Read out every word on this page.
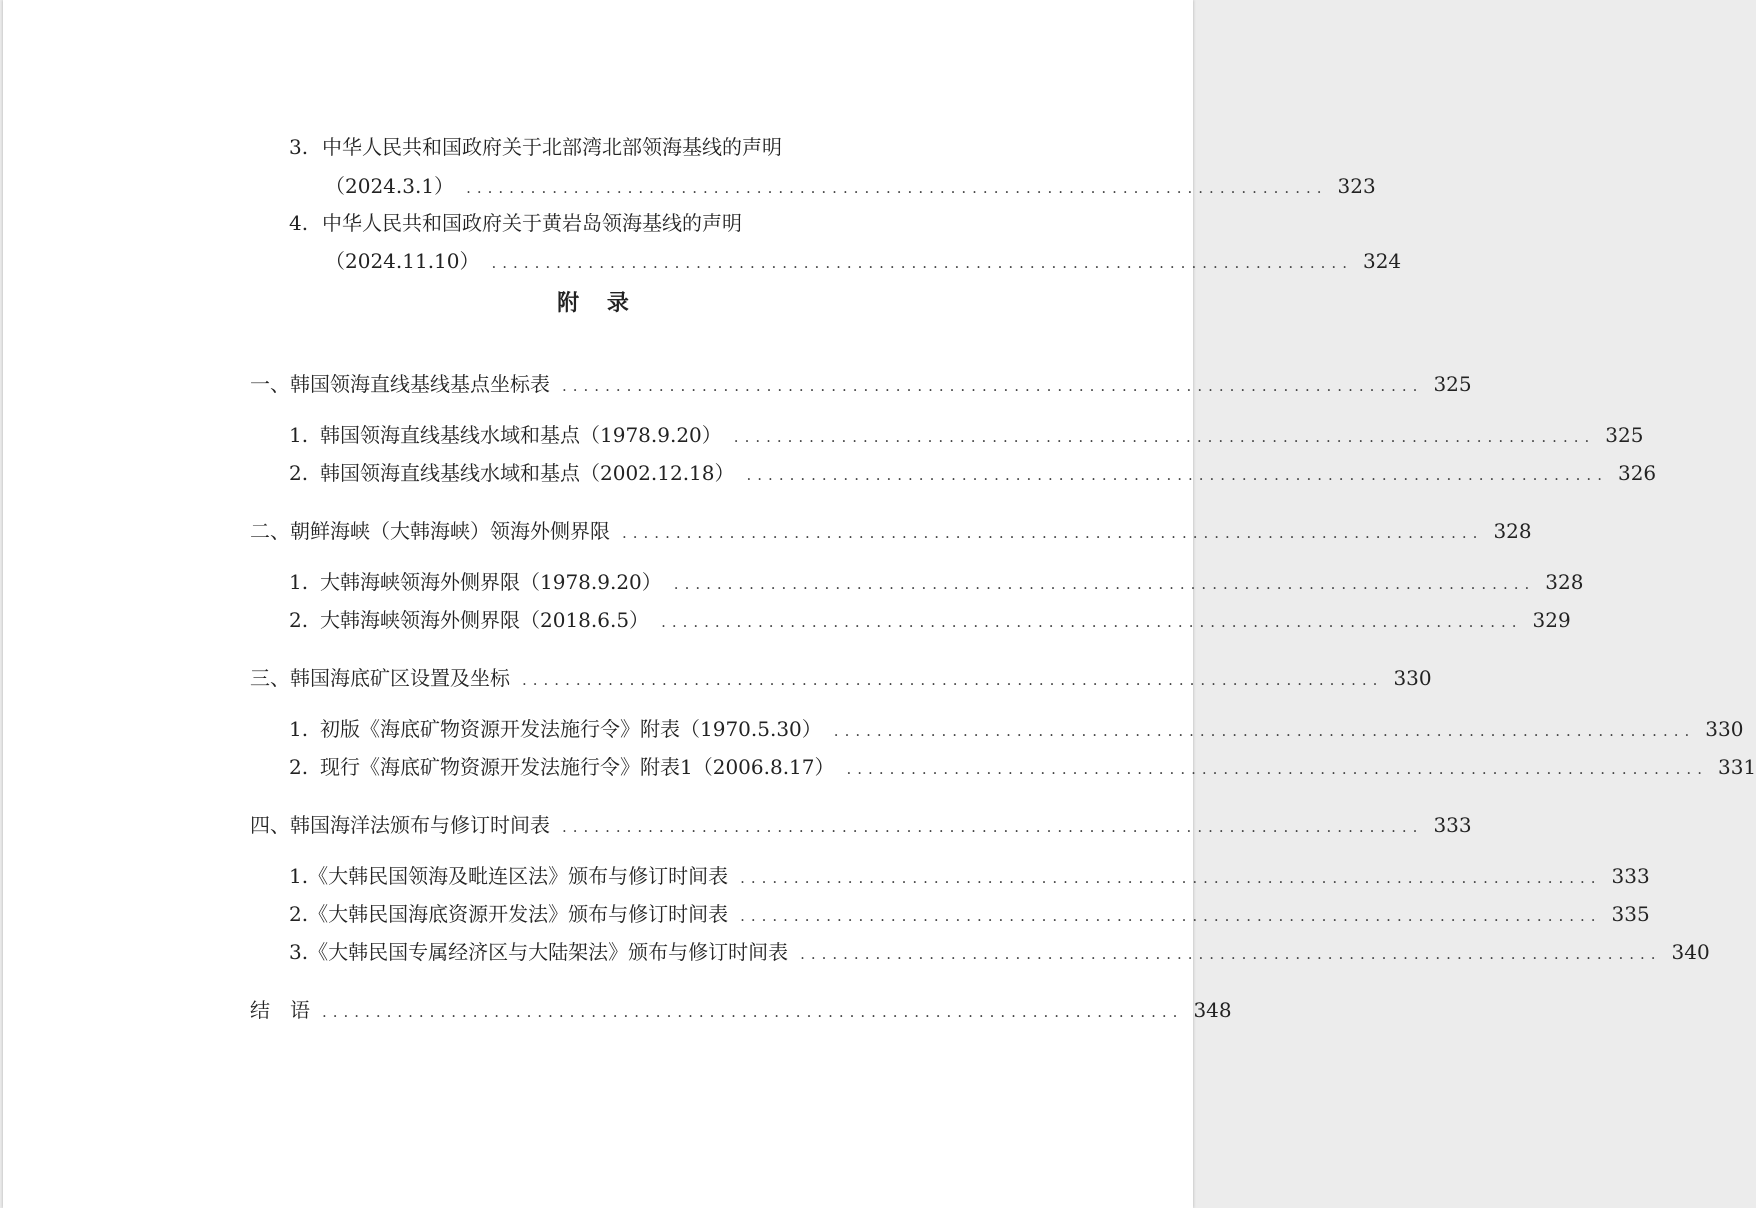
3. 中华人民共和国政府关于北部湾北部领海基线的声明
（2024.3.1） ................................................................................ 323
4. 中华人民共和国政府关于黄岩岛领海基线的声明
（2024.11.10） ................................................................................ 324
附 录
一、韩国领海直线基线基点坐标表 ................................................................................ 325
1. 韩国领海直线基线水域和基点（1978.9.20） ................................................................................ 325
2. 韩国领海直线基线水域和基点（2002.12.18） ................................................................................ 326
二、朝鲜海峡（大韩海峡）领海外侧界限 ................................................................................ 328
1. 大韩海峡领海外侧界限（1978.9.20） ................................................................................ 328
2. 大韩海峡领海外侧界限（2018.6.5） ................................................................................ 329
三、韩国海底矿区设置及坐标 ................................................................................ 330
1. 初版《海底矿物资源开发法施行令》附表（1970.5.30） ................................................................................ 330
2. 现行《海底矿物资源开发法施行令》附表1（2006.8.17） ................................................................................ 331
四、韩国海洋法颁布与修订时间表 ................................................................................ 333
1.《大韩民国领海及毗连区法》颁布与修订时间表 ................................................................................ 333
2.《大韩民国海底资源开发法》颁布与修订时间表 ................................................................................ 335
3.《大韩民国专属经济区与大陆架法》颁布与修订时间表 ................................................................................ 340
结　语 ................................................................................ 348
